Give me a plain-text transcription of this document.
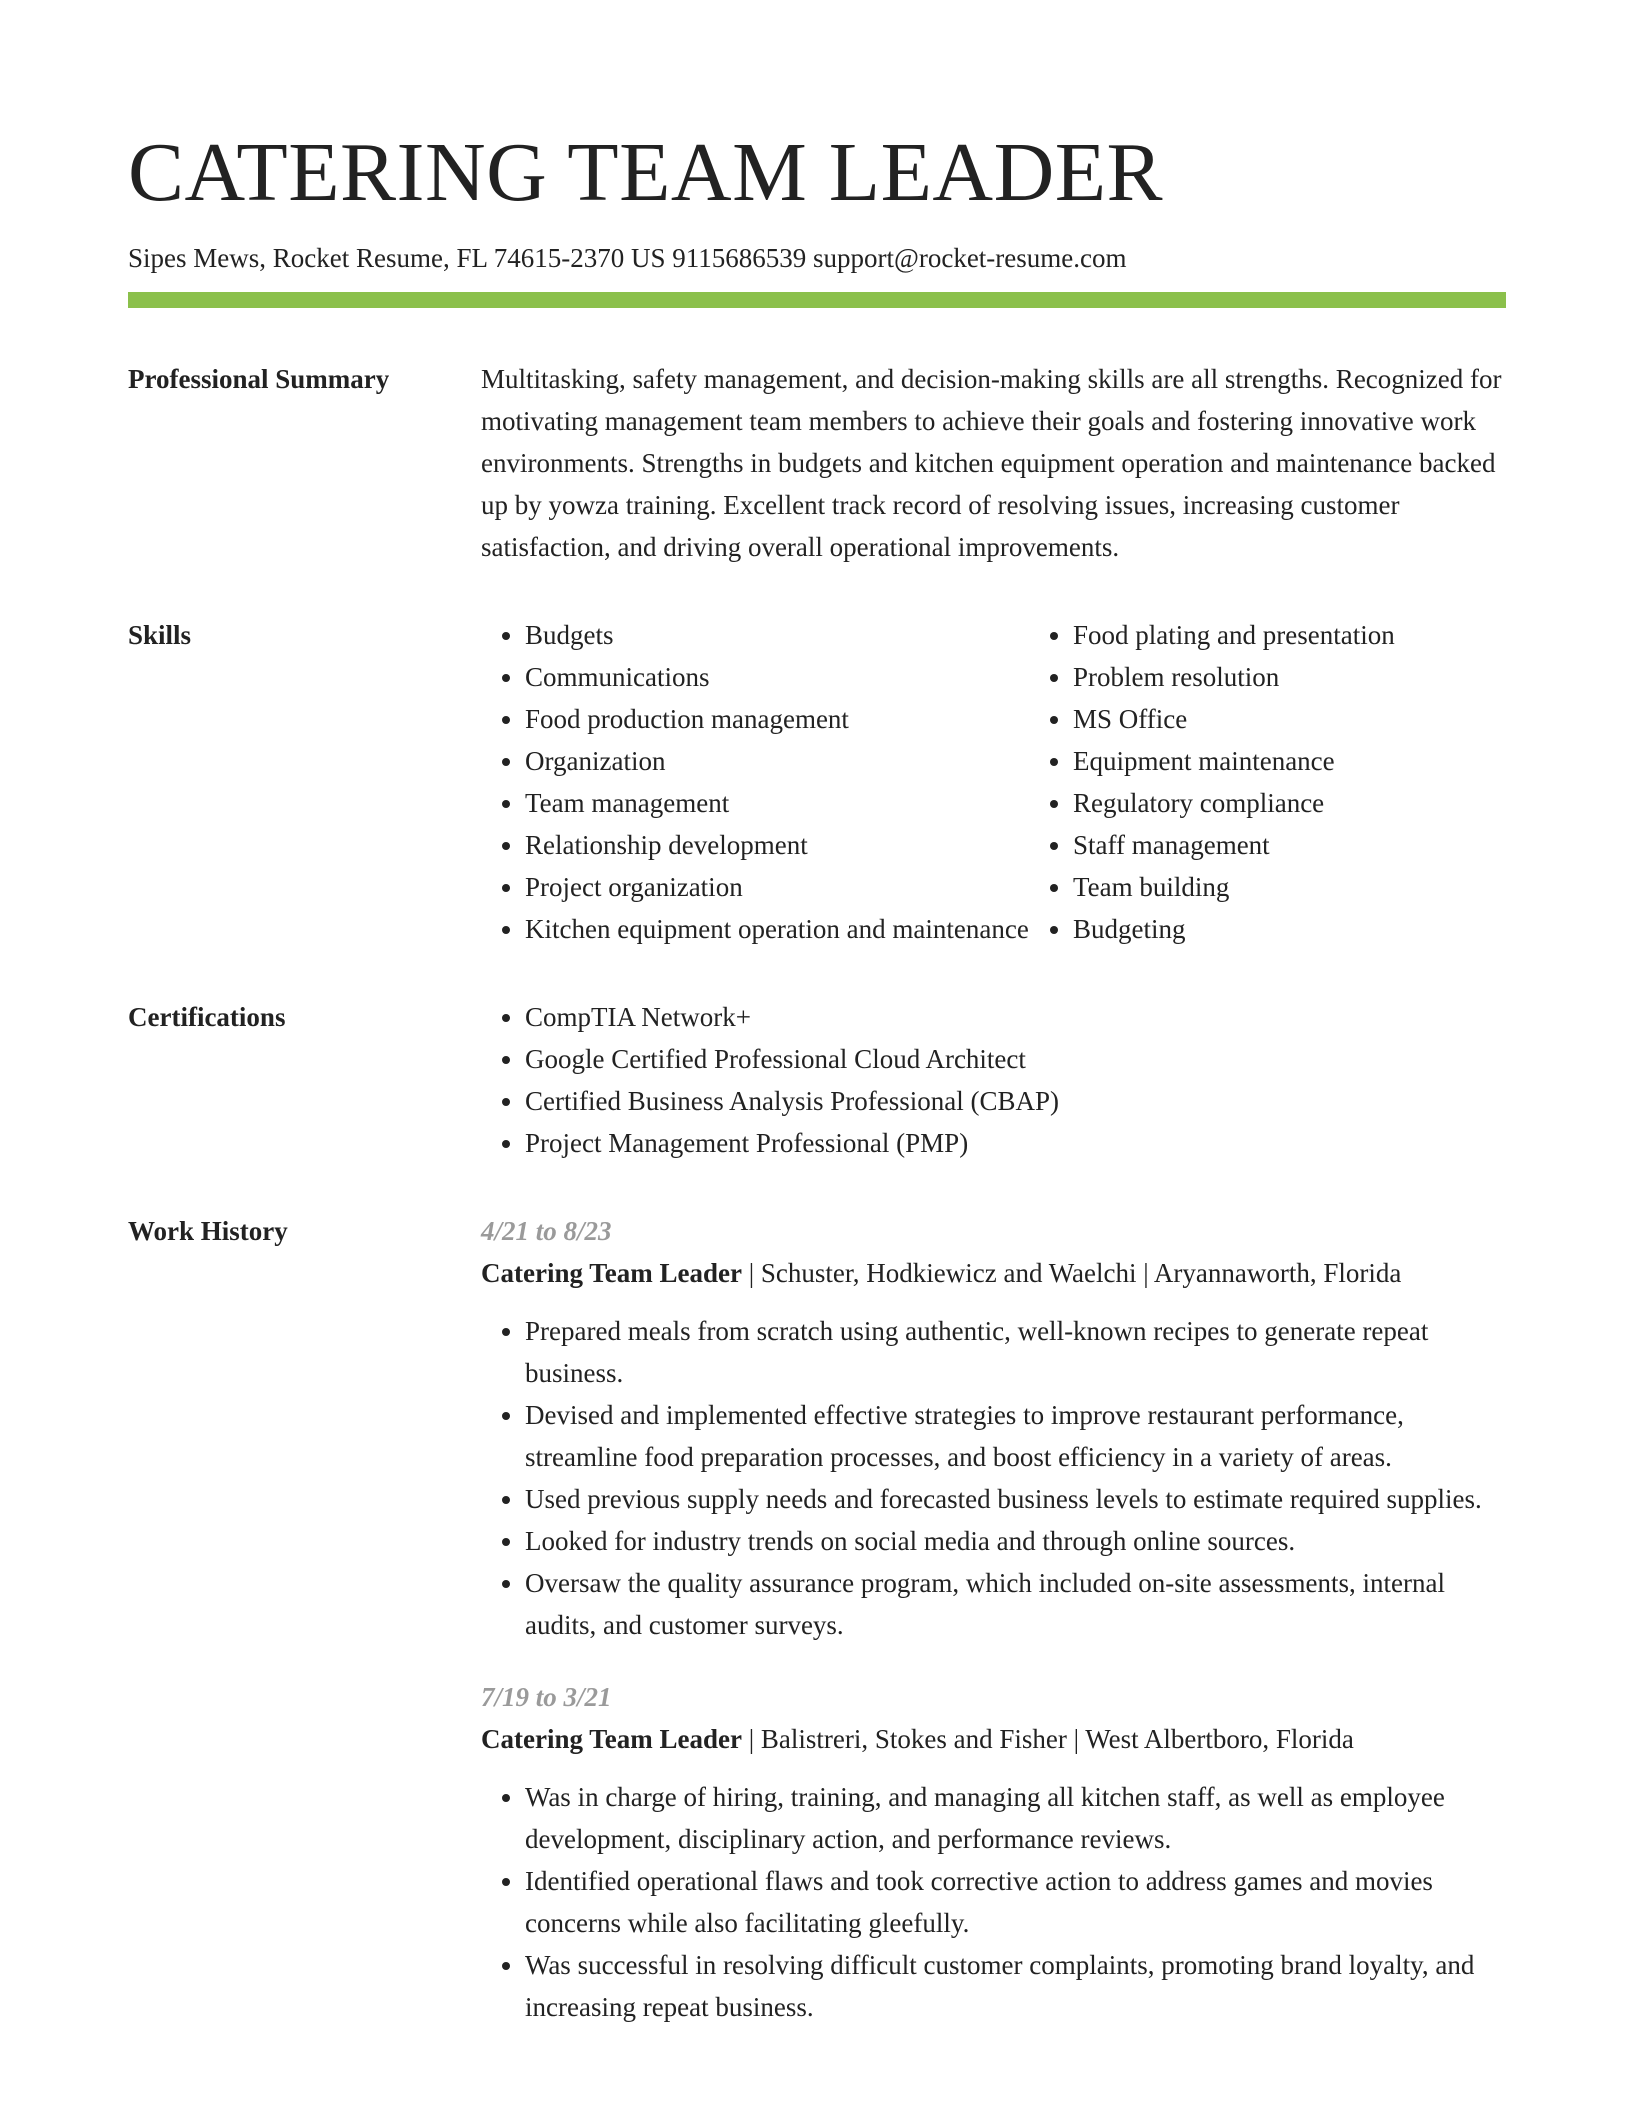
CATERING TEAM LEADER
Sipes Mews, Rocket Resume, FL 74615-2370 US 9115686539 support@rocket-resume.com
Professional Summary	Multitasking, safety management, and decision-making skills are all strengths. Recognized for motivating management team members to achieve their goals and fostering innovative work environments. Strengths in budgets and kitchen equipment operation and maintenance backed up by yowza training. Excellent track record of resolving issues, increasing customer satisfaction, and driving overall operational improvements.

Skills	• Budgets
• Communications
• Food production management
• Organization
• Team management
• Relationship development
• Project organization
• Kitchen equipment operation and maintenance
• Food plating and presentation
• Problem resolution
• MS Office
• Equipment maintenance
• Regulatory compliance
• Staff management
• Team building
• Budgeting
Certifications	• CompTIA Network+
• Google Certified Professional Cloud Architect
• Certified Business Analysis Professional (CBAP)
• Project Management Professional (PMP)
Work History	4/21 to 8/23
Catering Team Leader | Schuster, Hodkiewicz and Waelchi | Aryannaworth, Florida
• Prepared meals from scratch using authentic, well-known recipes to generate repeat business.
• Devised and implemented effective strategies to improve restaurant performance, streamline food preparation processes, and boost efficiency in a variety of areas.
• Used previous supply needs and forecasted business levels to estimate required supplies.
• Looked for industry trends on social media and through online sources.
• Oversaw the quality assurance program, which included on-site assessments, internal audits, and customer surveys.
7/19 to 3/21
Catering Team Leader | Balistreri, Stokes and Fisher | West Albertboro, Florida
• Was in charge of hiring, training, and managing all kitchen staff, as well as employee development, disciplinary action, and performance reviews.
• Identified operational flaws and took corrective action to address games and movies concerns while also facilitating gleefully.
• Was successful in resolving difficult customer complaints, promoting brand loyalty, and increasing repeat business.
